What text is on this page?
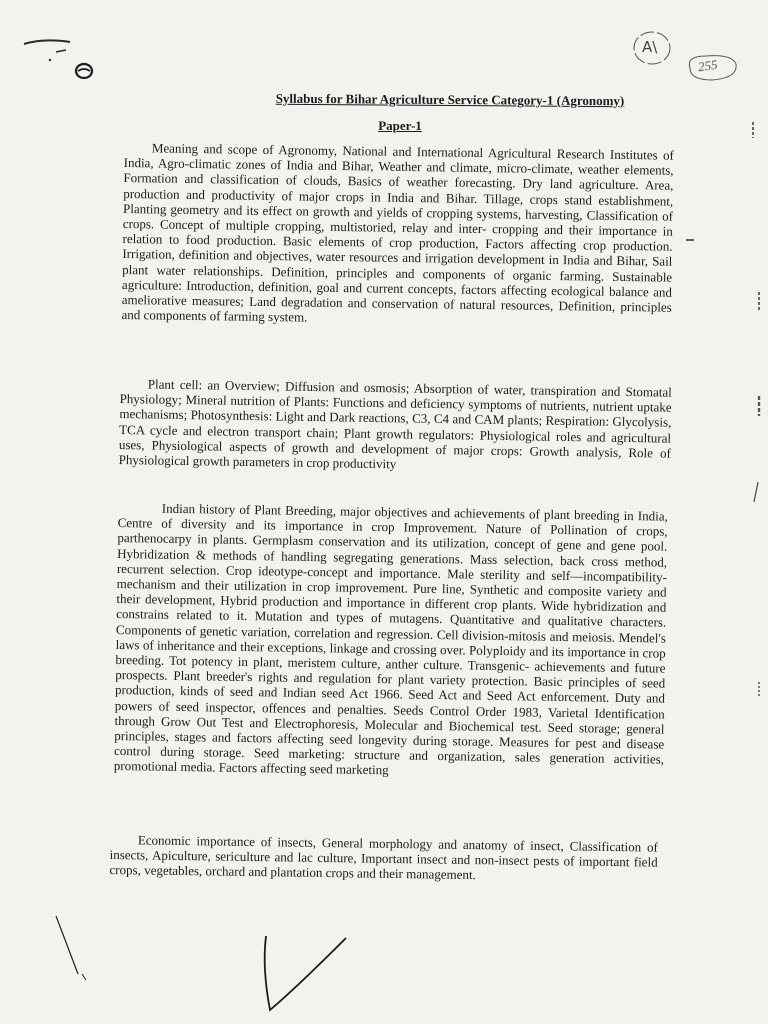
A\
255
Syllabus for Bihar Agriculture Service Category-1 (Agronomy)
Paper-1

Meaning and scope of Agronomy, National and International Agricultural Research Institutes of India, Agro-climatic zones of India and Bihar, Weather and climate, micro-climate, weather elements, Formation and classification of clouds, Basics of weather forecasting. Dry land agriculture. Area, production and productivity of major crops in India and Bihar. Tillage, crops stand establishment, Planting geometry and its effect on growth and yields of cropping systems, harvesting, Classification of crops. Concept of multiple cropping, multistoried, relay and inter- cropping and their importance in relation to food production. Basic elements of crop production, Factors affecting crop production. Irrigation, definition and objectives, water resources and irrigation development in India and Bihar, Sail plant water relationships. Definition, principles and components of organic farming. Sustainable agriculture: Introduction, definition, goal and current concepts, factors affecting ecological balance and ameliorative measures; Land degradation and conservation of natural resources, Definition, principles and components of farming system.

Plant cell: an Overview; Diffusion and osmosis; Absorption of water, transpiration and Stomatal Physiology; Mineral nutrition of Plants: Functions and deficiency symptoms of nutrients, nutrient uptake mechanisms; Photosynthesis: Light and Dark reactions, C3, C4 and CAM plants; Respiration: Glycolysis, TCA cycle and electron transport chain; Plant growth regulators: Physiological roles and agricultural uses, Physiological aspects of growth and development of major crops: Growth analysis, Role of Physiological growth parameters in crop productivity

Indian history of Plant Breeding, major objectives and achievements of plant breeding in India, Centre of diversity and its importance in crop Improvement. Nature of Pollination of crops, parthenocarpy in plants. Germplasm conservation and its utilization, concept of gene and gene pool. Hybridization & methods of handling segregating generations. Mass selection, back cross method, recurrent selection. Crop ideotype-concept and importance. Male sterility and self—incompatibility- mechanism and their utilization in crop improvement. Pure line, Synthetic and composite variety and their development, Hybrid production and importance in different crop plants. Wide hybridization and constrains related to it. Mutation and types of mutagens. Quantitative and qualitative characters. Components of genetic variation, correlation and regression. Cell division-mitosis and meiosis. Mendel's laws of inheritance and their exceptions, linkage and crossing over. Polyploidy and its importance in crop breeding. Tot potency in plant, meristem culture, anther culture. Transgenic- achievements and future prospects. Plant breeder's rights and regulation for plant variety protection. Basic principles of seed production, kinds of seed and Indian seed Act 1966. Seed Act and Seed Act enforcement. Duty and powers of seed inspector, offences and penalties. Seeds Control Order 1983, Varietal Identification through Grow Out Test and Electrophoresis, Molecular and Biochemical test. Seed storage; general principles, stages and factors affecting seed longevity during storage. Measures for pest and disease control during storage. Seed marketing: structure and organization, sales generation activities, promotional media. Factors affecting seed marketing

Economic importance of insects, General morphology and anatomy of insect, Classification of insects, Apiculture, sericulture and lac culture, Important insect and non-insect pests of important field crops, vegetables, orchard and plantation crops and their management.
